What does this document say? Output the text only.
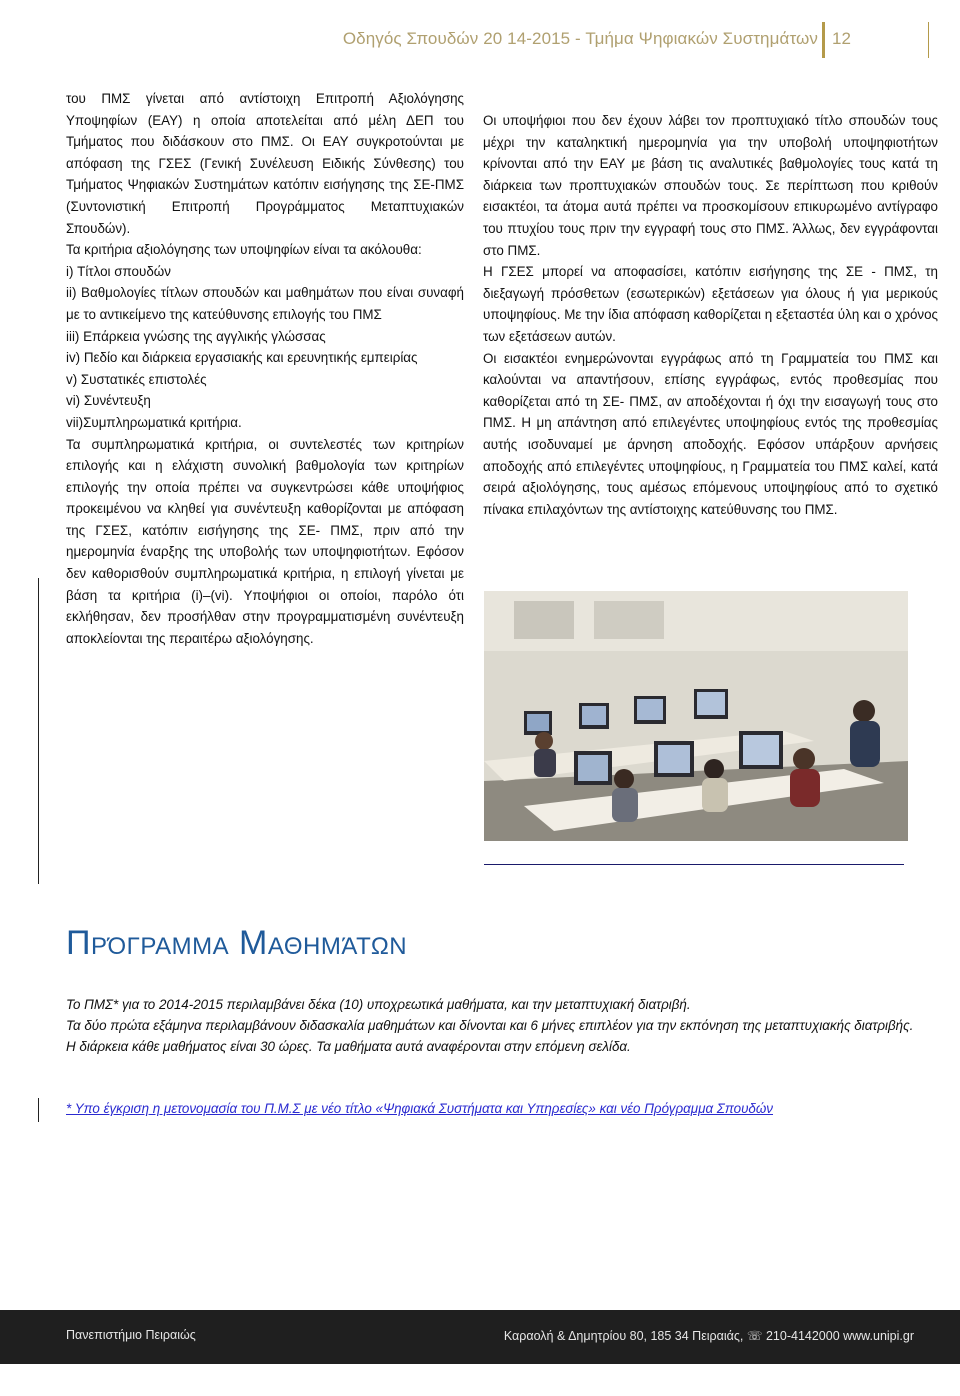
Οδηγός Σπουδών 20 14-2015 - Τμήμα Ψηφιακών Συστημάτων 12

του ΠΜΣ γίνεται από αντίστοιχη Επιτροπή Αξιολόγησης Υποψηφίων (ΕΑΥ) η οποία αποτελείται από μέλη ΔΕΠ του Τμήματος που διδάσκουν στο ΠΜΣ. Οι ΕΑΥ συγκροτούνται με απόφαση της ΓΣΕΣ (Γενική Συνέλευση Ειδικής Σύνθεσης) του Τμήματος Ψηφιακών Συστημάτων κατόπιν εισήγησης της ΣΕ-ΠΜΣ (Συντονιστική Επιτροπή Προγράμματος Μεταπτυχιακών Σπουδών).

Τα κριτήρια αξιολόγησης των υποψηφίων είναι τα ακόλουθα:

i) Τίτλοι σπουδών

ii) Βαθμολογίες τίτλων σπουδών και μαθημάτων που είναι συναφή με το αντικείμενο της κατεύθυνσης επιλογής του ΠΜΣ

iii) Επάρκεια γνώσης της αγγλικής γλώσσας

iv) Πεδίο και διάρκεια εργασιακής και ερευνητικής εμπειρίας

v) Συστατικές επιστολές

vi) Συνέντευξη

vii)Συμπληρωματικά κριτήρια.

Τα συμπληρωματικά κριτήρια, οι συντελεστές των κριτηρίων επιλογής και η ελάχιστη συνολική βαθμολογία των κριτηρίων επιλογής την οποία πρέπει να συγκεντρώσει κάθε υποψήφιος προκειμένου να κληθεί για συνέντευξη καθορίζονται με απόφαση της ΓΣΕΣ, κατόπιν εισήγησης της ΣΕ- ΠΜΣ, πριν από την ημερομηνία έναρξης της υποβολής των υποψηφιοτήτων. Εφόσον δεν καθορισθούν συμπληρωματικά κριτήρια, η επιλογή γίνεται με βάση τα κριτήρια (i)–(vi). Υποψήφιοι οι οποίοι, παρόλο ότι εκλήθησαν, δεν προσήλθαν στην προγραμματισμένη συνέντευξη αποκλείονται της περαιτέρω αξιολόγησης.

Οι υποψήφιοι που δεν έχουν λάβει τον προπτυχιακό τίτλο σπουδών τους μέχρι την καταληκτική ημερομηνία για την υποβολή υποψηφιοτήτων κρίνονται από την ΕΑΥ με βάση τις αναλυτικές βαθμολογίες τους κατά τη διάρκεια των προπτυχιακών σπουδών τους. Σε περίπτωση που κριθούν εισακτέοι, τα άτομα αυτά πρέπει να προσκομίσουν επικυρωμένο αντίγραφο του πτυχίου τους πριν την εγγραφή τους στο ΠΜΣ. Άλλως, δεν εγγράφονται στο ΠΜΣ.

Η ΓΣΕΣ μπορεί να αποφασίσει, κατόπιν εισήγησης της ΣΕ - ΠΜΣ, τη διεξαγωγή πρόσθετων (εσωτερικών) εξετάσεων για όλους ή για μερικούς υποψηφίους. Με την ίδια απόφαση καθορίζεται η εξεταστέα ύλη και ο χρόνος των εξετάσεων αυτών.

Οι εισακτέοι ενημερώνονται εγγράφως από τη Γραμματεία του ΠΜΣ και καλούνται να απαντήσουν, επίσης εγγράφως, εντός προθεσμίας που καθορίζεται από τη ΣΕ- ΠΜΣ, αν αποδέχονται ή όχι την εισαγωγή τους στο ΠΜΣ. Η μη απάντηση από επιλεγέντες υποψηφίους εντός της προθεσμίας αυτής ισοδυναμεί με άρνηση αποδοχής. Εφόσον υπάρξουν αρνήσεις αποδοχής από επιλεγέντες υποψηφίους, η Γραμματεία του ΠΜΣ καλεί, κατά σειρά αξιολόγησης, τους αμέσως επόμενους υποψηφίους από το σχετικό πίνακα επιλαχόντων της αντίστοιχης κατεύθυνσης του ΠΜΣ.

Πρόγραμμα Μαθημάτων

Το ΠΜΣ* για το 2014-2015 περιλαμβάνει δέκα (10) υποχρεωτικά μαθήματα, και την μεταπτυχιακή διατριβή.

Τα δύο πρώτα εξάμηνα περιλαμβάνουν διδασκαλία μαθημάτων και δίνονται και 6 μήνες επιπλέον για την εκπόνηση της μεταπτυχιακής διατριβής.

Η διάρκεια κάθε μαθήματος είναι 30 ώρες. Τα μαθήματα αυτά αναφέρονται στην επόμενη σελίδα.

* Υπο έγκριση η μετονομασία του Π.Μ.Σ με νέο τίτλο «Ψηφιακά Συστήματα και Υπηρεσίες» και νέο Πρόγραμμα Σπουδών
Πανεπιστήμιο Πειραιώς	Καραολή & Δημητρίου 80, 185 34 Πειραιάς, ☏ 210-4142000 www.unipi.gr
